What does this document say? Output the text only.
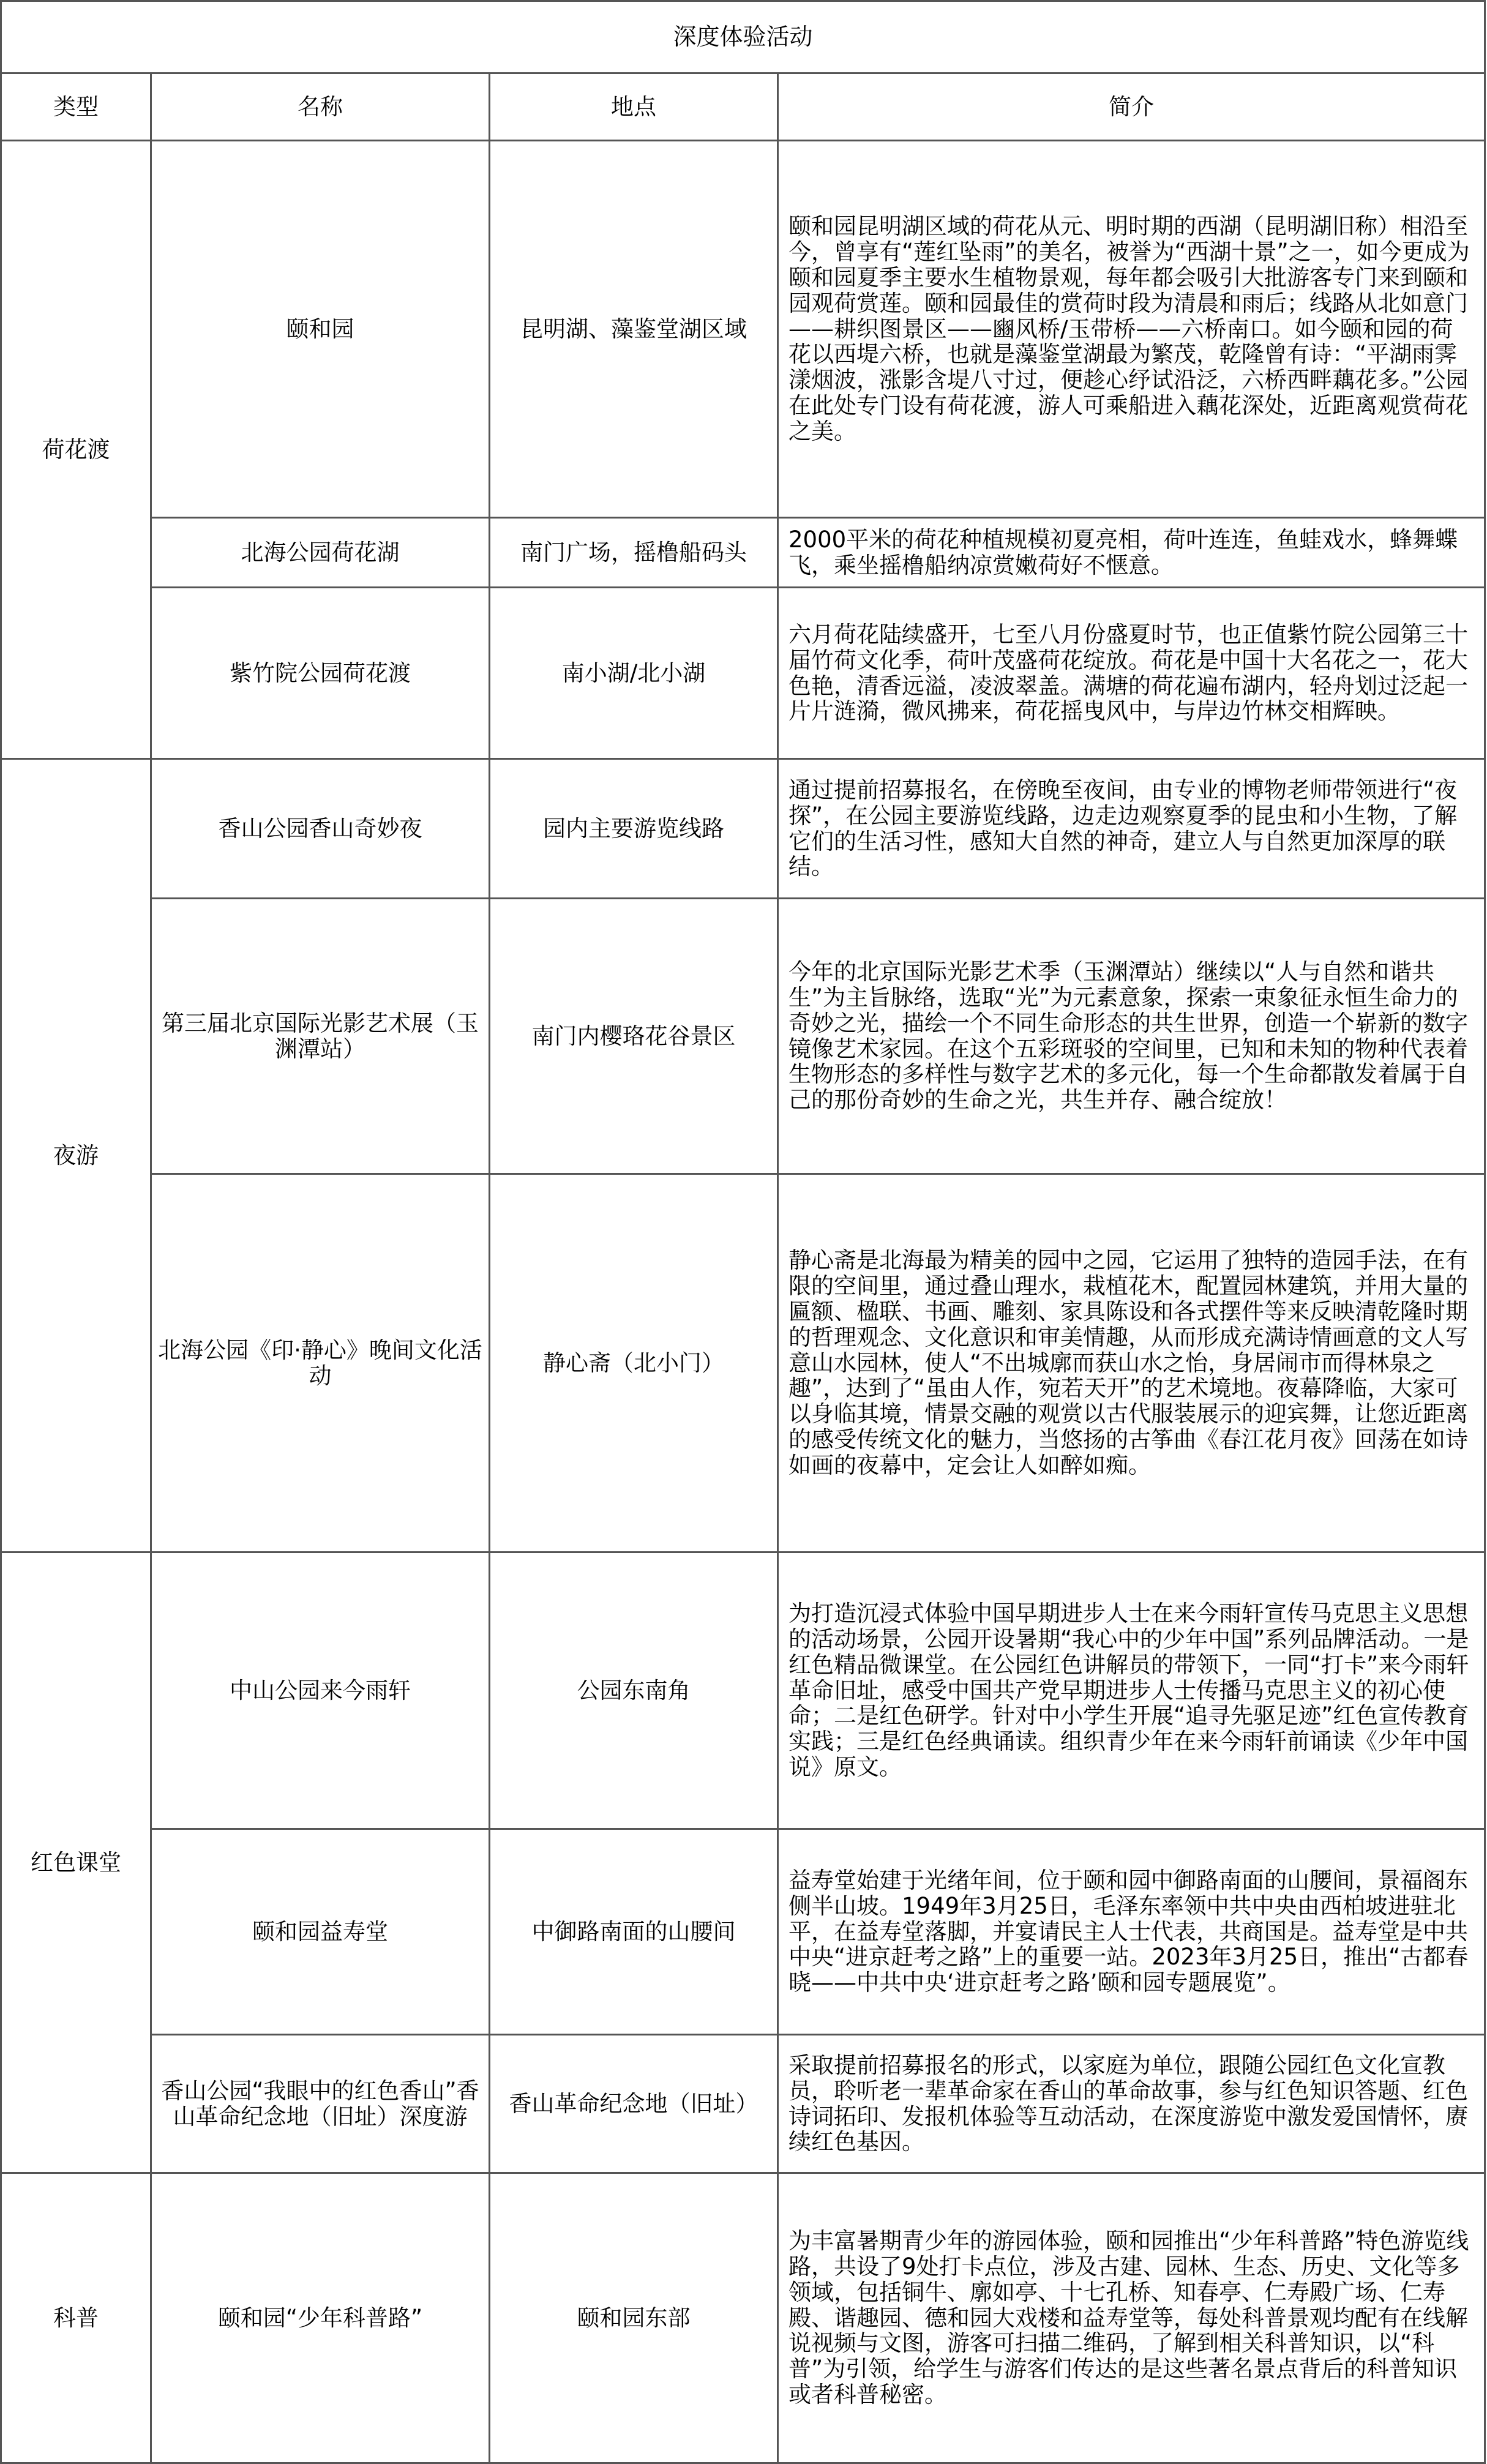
深度体验活动			
类型	名称	地点	简介
荷花渡	颐和园	昆明湖、藻鉴堂湖区域	颐和园昆明湖区域的荷花从元、明时期的西湖（昆明湖旧称）相沿至今，曾享有“莲红坠雨”的美名，被誉为“西湖十景”之一，如今更成为颐和园夏季主要水生植物景观，每年都会吸引大批游客专门来到颐和园观荷赏莲。颐和园最佳的赏荷时段为清晨和雨后；线路从北如意门——耕织图景区——豳风桥/玉带桥——六桥南口。如今颐和园的荷花以西堤六桥，也就是藻鉴堂湖最为繁茂，乾隆曾有诗：“平湖雨霁漾烟波，涨影含堤八寸过，便趁心纾试沿泛，六桥西畔藕花多。”公园在此处专门设有荷花渡，游人可乘船进入藕花深处，近距离观赏荷花之美。
	北海公园荷花湖	南门广场，摇橹船码头	2000平米的荷花种植规模初夏亮相，荷叶连连，鱼蛙戏水，蜂舞蝶飞，乘坐摇橹船纳凉赏嫩荷好不惬意。
	紫竹院公园荷花渡	南小湖/北小湖	六月荷花陆续盛开，七至八月份盛夏时节，也正值紫竹院公园第三十届竹荷文化季，荷叶茂盛荷花绽放。荷花是中国十大名花之一，花大色艳，清香远溢，凌波翠盖。满塘的荷花遍布湖内，轻舟划过泛起一片片涟漪，微风拂来，荷花摇曳风中，与岸边竹林交相辉映。
夜游	香山公园香山奇妙夜	园内主要游览线路	通过提前招募报名，在傍晚至夜间，由专业的博物老师带领进行“夜探”，在公园主要游览线路，边走边观察夏季的昆虫和小生物，了解它们的生活习性，感知大自然的神奇，建立人与自然更加深厚的联结。
	第三届北京国际光影艺术展（玉渊潭站）	南门内樱珞花谷景区	今年的北京国际光影艺术季（玉渊潭站）继续以“人与自然和谐共生”为主旨脉络，选取“光”为元素意象，探索一束象征永恒生命力的奇妙之光，描绘一个不同生命形态的共生世界，创造一个崭新的数字镜像艺术家园。在这个五彩斑驳的空间里，已知和未知的物种代表着生物形态的多样性与数字艺术的多元化，每一个生命都散发着属于自己的那份奇妙的生命之光，共生并存、融合绽放！
	北海公园《印·静心》晚间文化活动	静心斋（北小门）	静心斋是北海最为精美的园中之园，它运用了独特的造园手法，在有限的空间里，通过叠山理水，栽植花木，配置园林建筑，并用大量的匾额、楹联、书画、雕刻、家具陈设和各式摆件等来反映清乾隆时期的哲理观念、文化意识和审美情趣，从而形成充满诗情画意的文人写意山水园林，使人“不出城廓而获山水之怡，身居闹市而得林泉之趣”，达到了“虽由人作，宛若天开”的艺术境地。夜幕降临，大家可以身临其境，情景交融的观赏以古代服装展示的迎宾舞，让您近距离的感受传统文化的魅力，当悠扬的古筝曲《春江花月夜》回荡在如诗如画的夜幕中，定会让人如醉如痴。
红色课堂	中山公园来今雨轩	公园东南角	为打造沉浸式体验中国早期进步人士在来今雨轩宣传马克思主义思想的活动场景，公园开设暑期“我心中的少年中国”系列品牌活动。一是红色精品微课堂。在公园红色讲解员的带领下，一同“打卡”来今雨轩革命旧址，感受中国共产党早期进步人士传播马克思主义的初心使命；二是红色研学。针对中小学生开展“追寻先驱足迹”红色宣传教育实践；三是红色经典诵读。组织青少年在来今雨轩前诵读《少年中国说》原文。
	颐和园益寿堂	中御路南面的山腰间	益寿堂始建于光绪年间，位于颐和园中御路南面的山腰间，景福阁东侧半山坡。1949年3月25日，毛泽东率领中共中央由西柏坡进驻北平，在益寿堂落脚，并宴请民主人士代表，共商国是。益寿堂是中共中央“进京赶考之路”上的重要一站。2023年3月25日，推出“古都春晓——中共中央‘进京赶考之路’颐和园专题展览”。
	香山公园“我眼中的红色香山”香山革命纪念地（旧址）深度游	香山革命纪念地（旧址）	采取提前招募报名的形式，以家庭为单位，跟随公园红色文化宣教员，聆听老一辈革命家在香山的革命故事，参与红色知识答题、红色诗词拓印、发报机体验等互动活动，在深度游览中激发爱国情怀，赓续红色基因。
科普	颐和园“少年科普路”	颐和园东部	为丰富暑期青少年的游园体验，颐和园推出“少年科普路”特色游览线路，共设了9处打卡点位，涉及古建、园林、生态、历史、文化等多领域，包括铜牛、廓如亭、十七孔桥、知春亭、仁寿殿广场、仁寿殿、谐趣园、德和园大戏楼和益寿堂等，每处科普景观均配有在线解说视频与文图，游客可扫描二维码，了解到相关科普知识，以“科普”为引领，给学生与游客们传达的是这些著名景点背后的科普知识或者科普秘密。
